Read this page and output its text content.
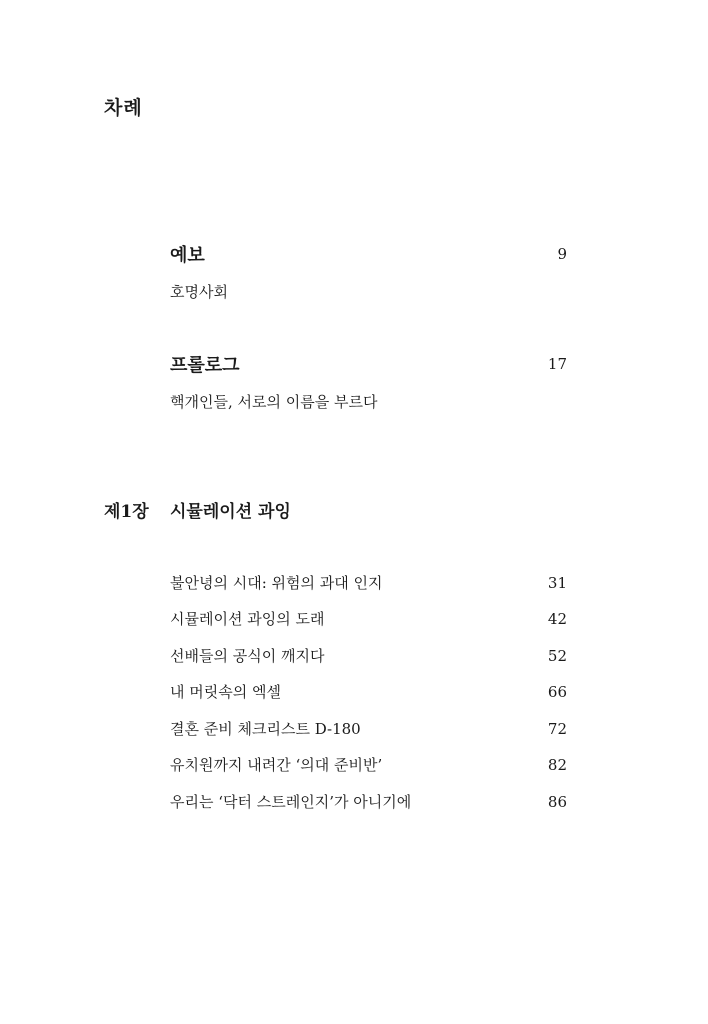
차례
예보	9
호명사회
프롤로그	17
핵개인들, 서로의 이름을 부르다
제1장 시뮬레이션 과잉
불안녕의 시대: 위험의 과대 인지	31
시뮬레이션 과잉의 도래	42
선배들의 공식이 깨지다	52
내 머릿속의 엑셀	66
결혼 준비 체크리스트 D-180	72
유치원까지 내려간 ‘의대 준비반’	82
우리는 ‘닥터 스트레인지’가 아니기에	86
